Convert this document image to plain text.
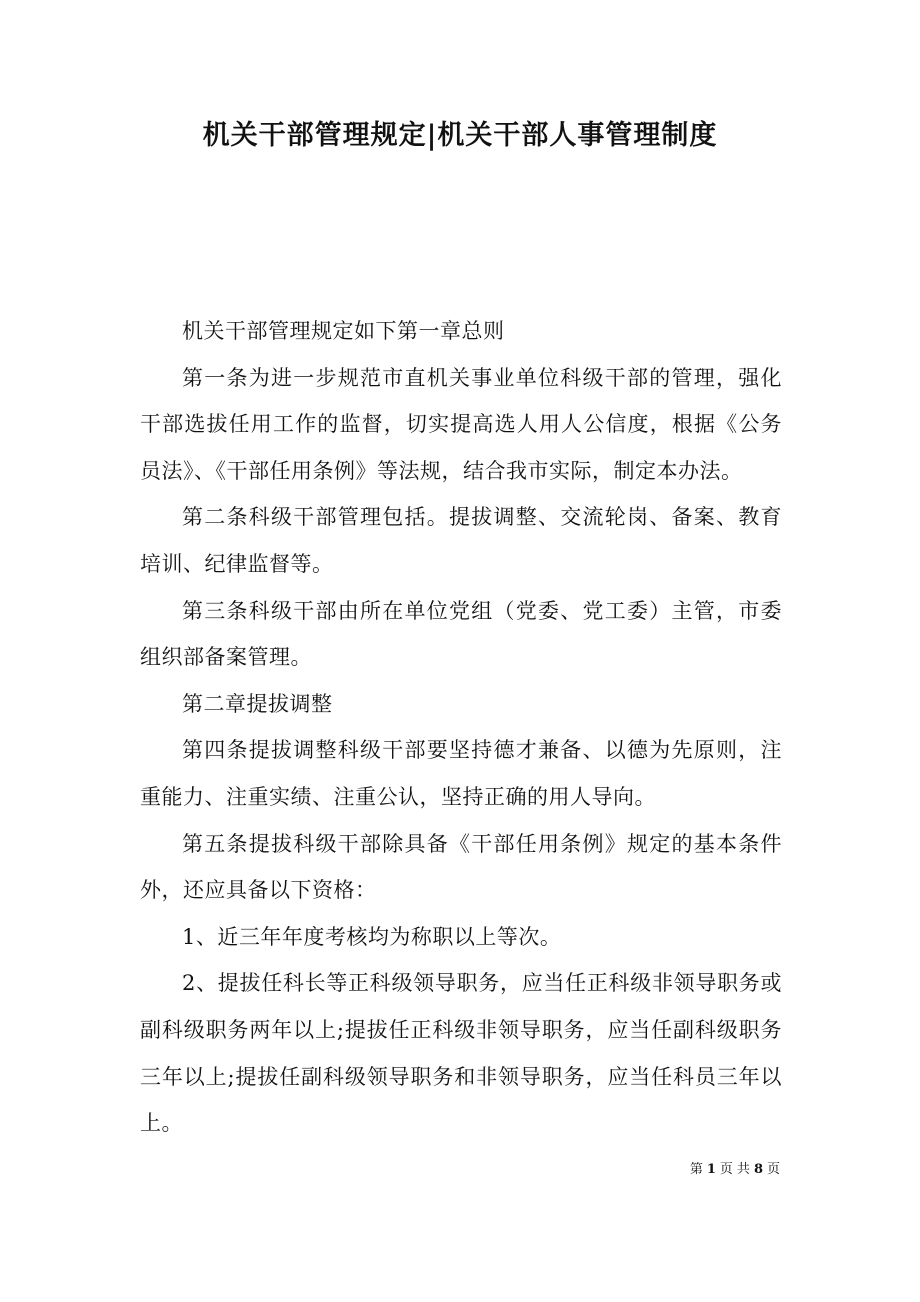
机关干部管理规定|机关干部人事管理制度

机关干部管理规定如下第一章总则

第一条为进一步规范市直机关事业单位科级干部的管理，强化干部选拔任用工作的监督，切实提高选人用人公信度，根据《公务员法》、《干部任用条例》等法规，结合我市实际，制定本办法。

第二条科级干部管理包括。提拔调整、交流轮岗、备案、教育培训、纪律监督等。

第三条科级干部由所在单位党组（党委、党工委）主管，市委组织部备案管理。

第二章提拔调整

第四条提拔调整科级干部要坚持德才兼备、以德为先原则，注重能力、注重实绩、注重公认，坚持正确的用人导向。

第五条提拔科级干部除具备《干部任用条例》规定的基本条件外，还应具备以下资格：

1、近三年年度考核均为称职以上等次。

2、提拔任科长等正科级领导职务，应当任正科级非领导职务或副科级职务两年以上;提拔任正科级非领导职务，应当任副科级职务三年以上;提拔任副科级领导职务和非领导职务，应当任科员三年以上。

第 1 页 共 8 页
